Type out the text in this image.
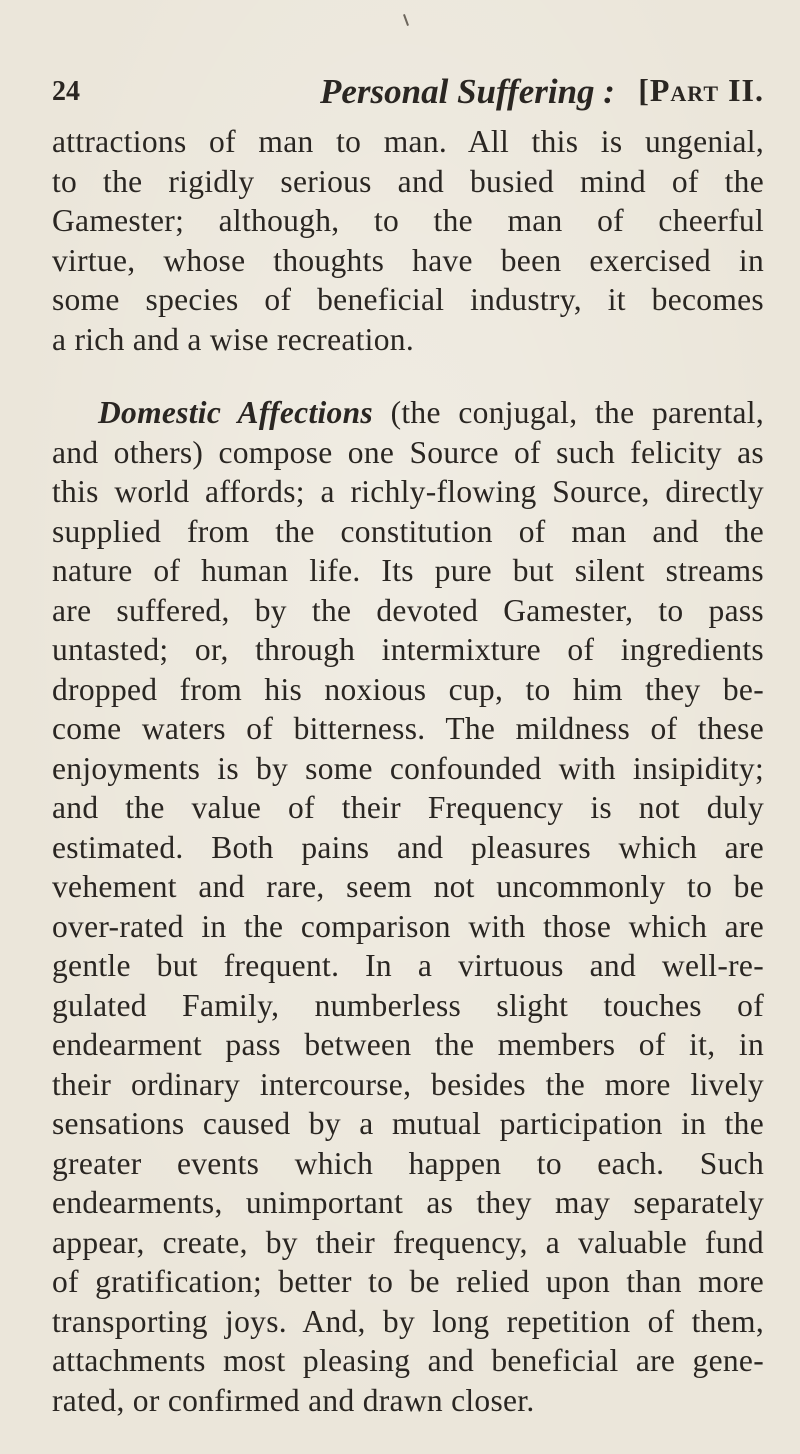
24	Personal Suffering : [Part II.
attractions of man to man. All this is ungenial,
to the rigidly serious and busied mind of the
Gamester; although, to the man of cheerful
virtue, whose thoughts have been exercised in
some species of beneficial industry, it becomes
a rich and a wise recreation.
Domestic Affections (the conjugal, the parental,
and others) compose one Source of such felicity as
this world affords; a richly-flowing Source, directly
supplied from the constitution of man and the
nature of human life. Its pure but silent streams
are suffered, by the devoted Gamester, to pass
untasted; or, through intermixture of ingredients
dropped from his noxious cup, to him they be-
come waters of bitterness. The mildness of these
enjoyments is by some confounded with insipidity;
and the value of their Frequency is not duly
estimated. Both pains and pleasures which are
vehement and rare, seem not uncommonly to be
over-rated in the comparison with those which are
gentle but frequent. In a virtuous and well-re-
gulated Family, numberless slight touches of
endearment pass between the members of it, in
their ordinary intercourse, besides the more lively
sensations caused by a mutual participation in the
greater events which happen to each. Such
endearments, unimportant as they may separately
appear, create, by their frequency, a valuable fund
of gratification; better to be relied upon than more
transporting joys. And, by long repetition of them,
attachments most pleasing and beneficial are gene-
rated, or confirmed and drawn closer.
